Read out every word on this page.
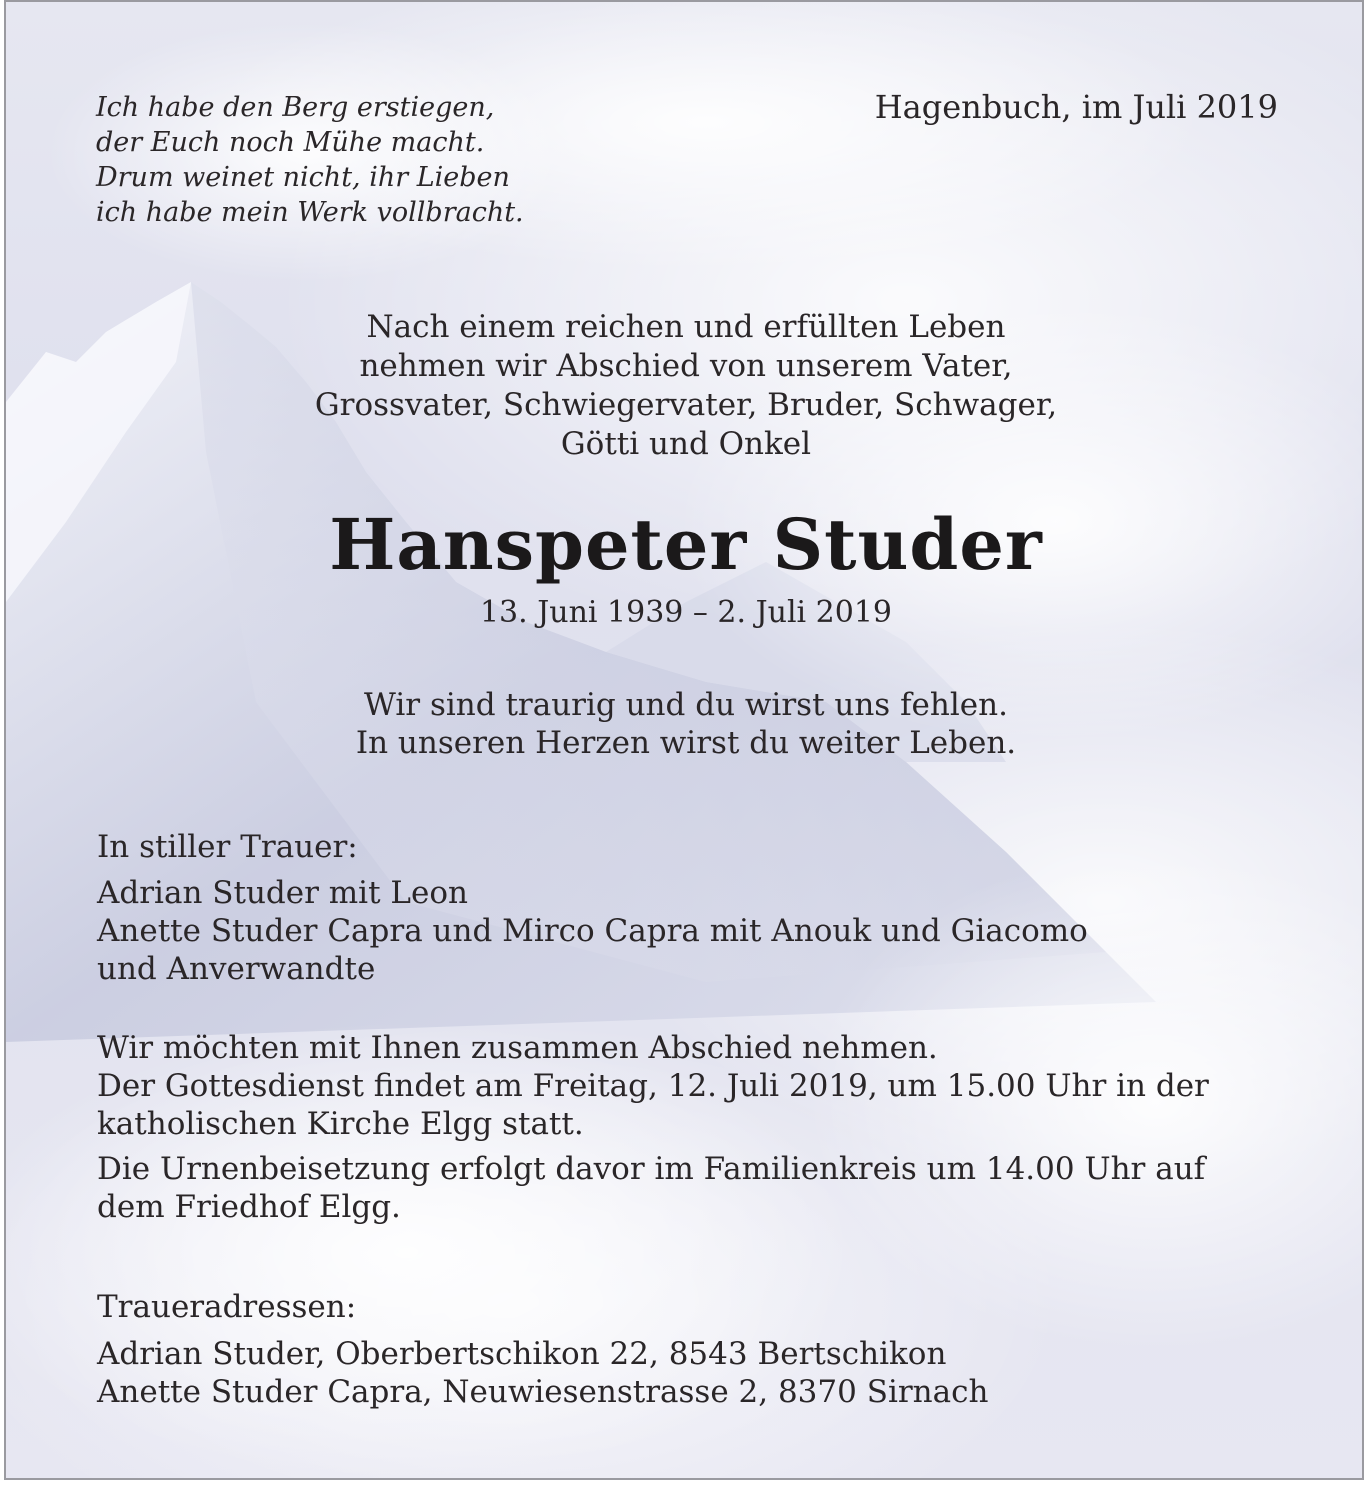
Ich habe den Berg erstiegen,
der Euch noch Mühe macht.
Drum weinet nicht, ihr Lieben
ich habe mein Werk vollbracht.
Hagenbuch, im Juli 2019
Nach einem reichen und erfüllten Leben
nehmen wir Abschied von unserem Vater,
Grossvater, Schwiegervater, Bruder, Schwager,
Götti und Onkel
Hanspeter Studer
13. Juni 1939 – 2. Juli 2019
Wir sind traurig und du wirst uns fehlen.
In unseren Herzen wirst du weiter Leben.
In stiller Trauer:
Adrian Studer mit Leon
Anette Studer Capra und Mirco Capra mit Anouk und Giacomo
und Anverwandte
Wir möchten mit Ihnen zusammen Abschied nehmen.
Der Gottesdienst findet am Freitag, 12. Juli 2019, um 15.00 Uhr in der
katholischen Kirche Elgg statt.
Die Urnenbeisetzung erfolgt davor im Familienkreis um 14.00 Uhr auf
dem Friedhof Elgg.
Traueradressen:
Adrian Studer, Oberbertschikon 22, 8543 Bertschikon
Anette Studer Capra, Neuwiesenstrasse 2, 8370 Sirnach
